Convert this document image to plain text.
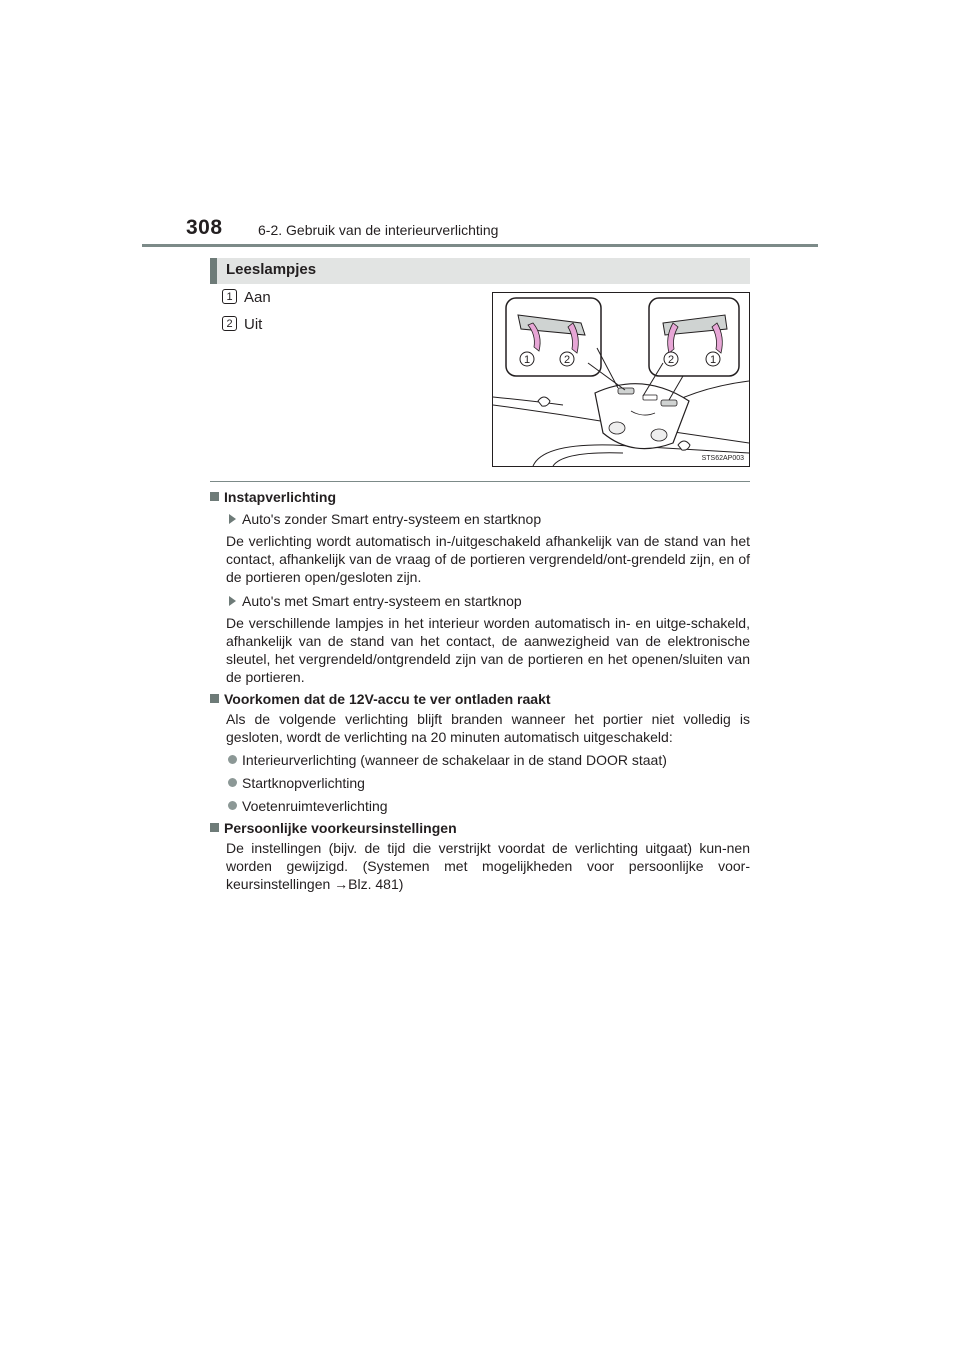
308	6-2. Gebruik van de interieurverlichting
Leeslampjes
1 Aan
2 Uit
1	2	2	1
STS62AP003
Instapverlichting
Auto's zonder Smart entry-systeem en startknop
De verlichting wordt automatisch in-/uitgeschakeld afhankelijk van de stand van het contact, afhankelijk van de vraag of de portieren vergrendeld/ont-grendeld zijn, en of de portieren open/gesloten zijn.
Auto's met Smart entry-systeem en startknop
De verschillende lampjes in het interieur worden automatisch in- en uitge-schakeld, afhankelijk van de stand van het contact, de aanwezigheid van de elektronische sleutel, het vergrendeld/ontgrendeld zijn van de portieren en het openen/sluiten van de portieren.
Voorkomen dat de 12V-accu te ver ontladen raakt
Als de volgende verlichting blijft branden wanneer het portier niet volledig is gesloten, wordt de verlichting na 20 minuten automatisch uitgeschakeld:
Interieurverlichting (wanneer de schakelaar in de stand DOOR staat)
Startknopverlichting
Voetenruimteverlichting
Persoonlijke voorkeursinstellingen
De instellingen (bijv. de tijd die verstrijkt voordat de verlichting uitgaat) kun-nen worden gewijzigd. (Systemen met mogelijkheden voor persoonlijke voor-keursinstellingen →Blz. 481)
